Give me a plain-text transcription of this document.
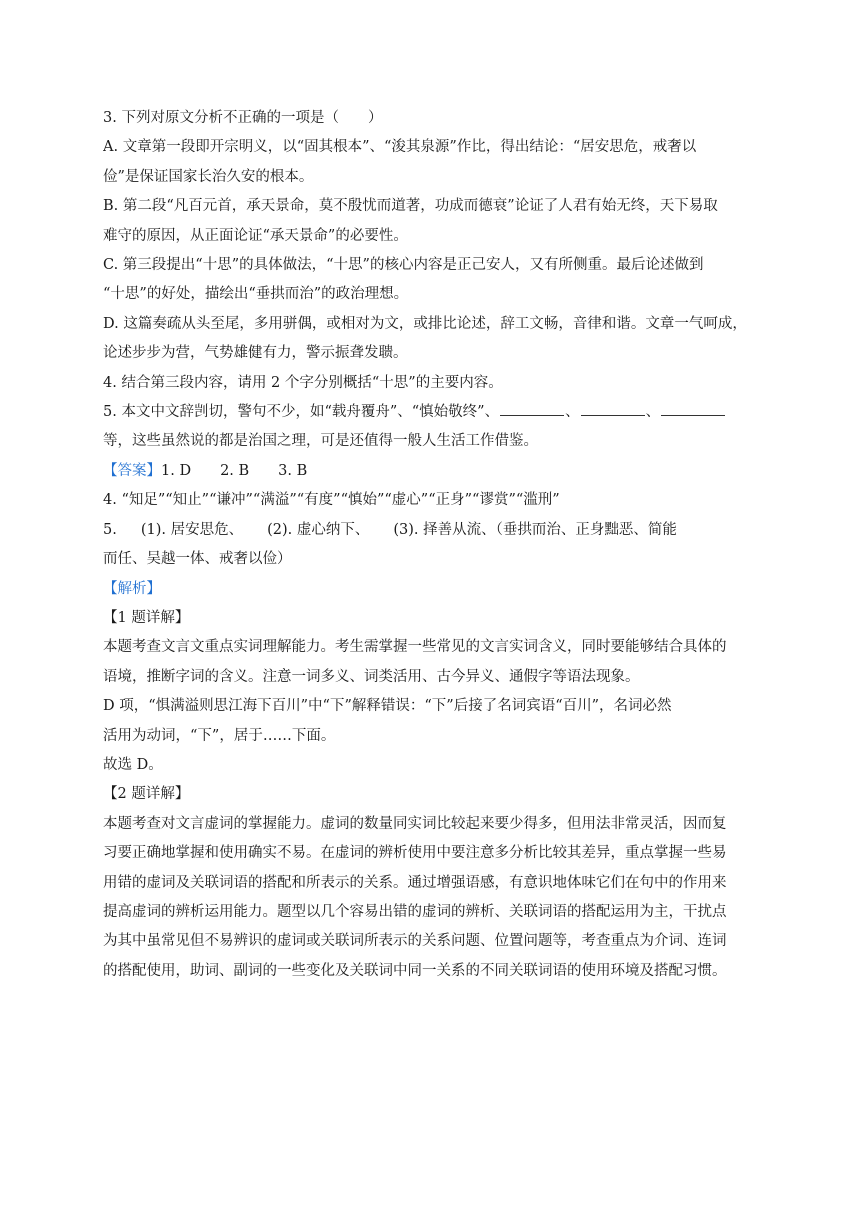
3. 下列对原文分析不正确的一项是（　　）

A. 文章第一段即开宗明义，以“固其根本”、“浚其泉源”作比，得出结论：“居安思危，戒奢以

俭”是保证国家长治久安的根本。

B. 第二段“凡百元首，承天景命，莫不殷忧而道著，功成而德衰”论证了人君有始无终，天下易取

难守的原因，从正面论证“承天景命”的必要性。

C. 第三段提出“十思”的具体做法，“十思”的核心内容是正己安人，又有所侧重。最后论述做到

“十思”的好处，描绘出“垂拱而治”的政治理想。

D. 这篇奏疏从头至尾，多用骈偶，或相对为文，或排比论述，辞工文畅，音律和谐。文章一气呵成，

论述步步为营，气势雄健有力，警示振聋发聩。

4. 结合第三段内容，请用 2 个字分别概括“十思”的主要内容。

5. 本文中文辞剀切，警句不少，如“载舟覆舟”、“慎始敬终”、	、	、

等，这些虽然说的都是治国之理，可是还值得一般人生活工作借鉴。

【答案】1. D　　2. B　　3. B

4. “知足”“知止”“谦冲”“满溢”“有度”“慎始”“虚心”“正身”“谬赏”“滥刑”

5. (1). 居安思危、 (2). 虚心纳下、 (3). 择善从流、（垂拱而治、正身黜恶、简能

而任、吴越一体、戒奢以俭）

【解析】

【1 题详解】

本题考查文言文重点实词理解能力。考生需掌握一些常见的文言实词含义，同时要能够结合具体的

语境，推断字词的含义。注意一词多义、词类活用、古今异义、通假字等语法现象。

D 项，“惧满溢则思江海下百川”中“下”解释错误：“下”后接了名词宾语“百川”，名词必然

活用为动词，“下”，居于……下面。

故选 D。

【2 题详解】

本题考查对文言虚词的掌握能力。虚词的数量同实词比较起来要少得多，但用法非常灵活，因而复

习要正确地掌握和使用确实不易。在虚词的辨析使用中要注意多分析比较其差异，重点掌握一些易

用错的虚词及关联词语的搭配和所表示的关系。通过增强语感，有意识地体味它们在句中的作用来

提高虚词的辨析运用能力。题型以几个容易出错的虚词的辨析、关联词语的搭配运用为主，干扰点

为其中虽常见但不易辨识的虚词或关联词所表示的关系问题、位置问题等，考查重点为介词、连词

的搭配使用，助词、副词的一些变化及关联词中同一关系的不同关联词语的使用环境及搭配习惯。
